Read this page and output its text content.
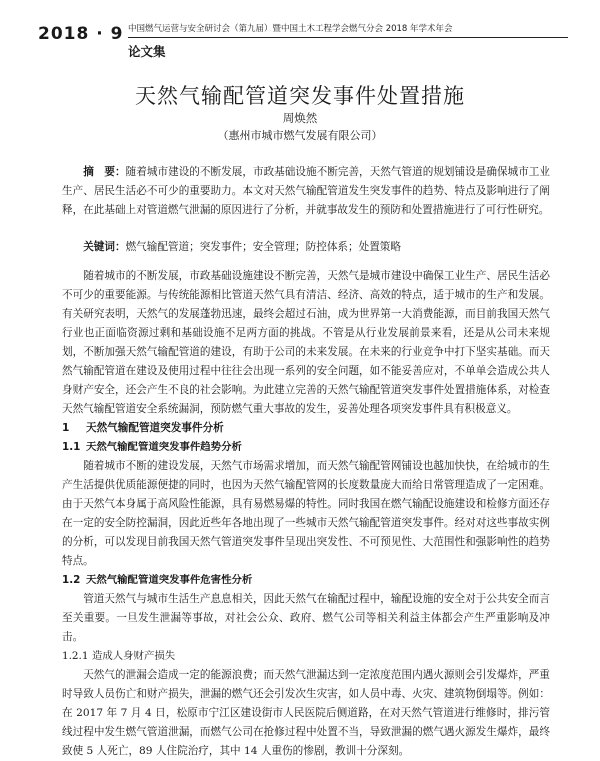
2018 · 9 中国燃气运营与安全研讨会（第九届）暨中国土木工程学会燃气分会 2018 年学术年会
论文集
天然气输配管道突发事件处置措施
周焕然
（惠州市城市燃气发展有限公司）

摘　要：随着城市建设的不断发展，市政基础设施不断完善，天然气管道的规划铺设是确保城市工业生产、居民生活必不可少的重要助力。本文对天然气输配管道发生突发事件的趋势、特点及影响进行了阐释，在此基础上对管道燃气泄漏的原因进行了分析，并就事故发生的预防和处置措施进行了可行性研究。

关键词：燃气输配管道；突发事件；安全管理；防控体系；处置策略

随着城市的不断发展，市政基础设施建设不断完善，天然气是城市建设中确保工业生产、居民生活必不可少的重要能源。与传统能源相比管道天然气具有清洁、经济、高效的特点，适于城市的生产和发展。有关研究表明，天然气的发展蓬勃迅速，最终会超过石油，成为世界第一大消费能源，而目前我国天然气行业也正面临资源过剩和基础设施不足两方面的挑战。不管是从行业发展前景来看，还是从公司未来规划，不断加强天然气输配管道的建设，有助于公司的未来发展。在未来的行业竞争中打下坚实基础。而天然气输配管道在建设及使用过程中往往会出现一系列的安全问题，如不能妥善应对，不单单会造成公共人身财产安全，还会产生不良的社会影响。为此建立完善的天然气输配管道突发事件处置措施体系，对检查天然气输配管道安全系统漏洞，预防燃气重大事故的发生，妥善处理各项突发事件具有积极意义。

1 天然气输配管道突发事件分析

1.1 天然气输配管道突发事件趋势分析

随着城市不断的建设发展，天然气市场需求增加，而天然气输配管网铺设也越加快快，在给城市的生产生活提供优质能源便捷的同时，也因为天然气输配管网的长度数量庞大而给日常管理造成了一定困难。由于天然气本身属于高风险性能源，具有易燃易爆的特性。同时我国在燃气输配设施建设和检修方面还存在一定的安全防控漏洞，因此近些年各地出现了一些城市天然气输配管道突发事件。经对对这些事故实例的分析，可以发现目前我国天然气管道突发事件呈现出突发性、不可预见性、大范围性和强影响性的趋势特点。

1.2 天然气输配管道突发事件危害性分析

管道天然气与城市生活生产息息相关，因此天然气在输配过程中，输配设施的安全对于公共安全而言至关重要。一旦发生泄漏等事故，对社会公众、政府、燃气公司等相关利益主体都会产生严重影响及冲击。

1.2.1 造成人身财产损失

天然气的泄漏会造成一定的能源浪费；而天然气泄漏达到一定浓度范围内遇火源则会引发爆炸，严重时导致人员伤亡和财产损失，泄漏的燃气还会引发次生灾害，如人员中毒、火灾、建筑物倒塌等。例如：在 2017 年 7 月 4 日，松原市宁江区建设街市人民医院后侧道路，在对天然气管道进行维修时，排污管线过程中发生燃气管道泄漏，而燃气公司在抢修过程中处置不当，导致泄漏的燃气遇火源发生爆炸，最终致使 5 人死亡，89 人住院治疗，其中 14 人重伤的惨剧，教训十分深刻。
